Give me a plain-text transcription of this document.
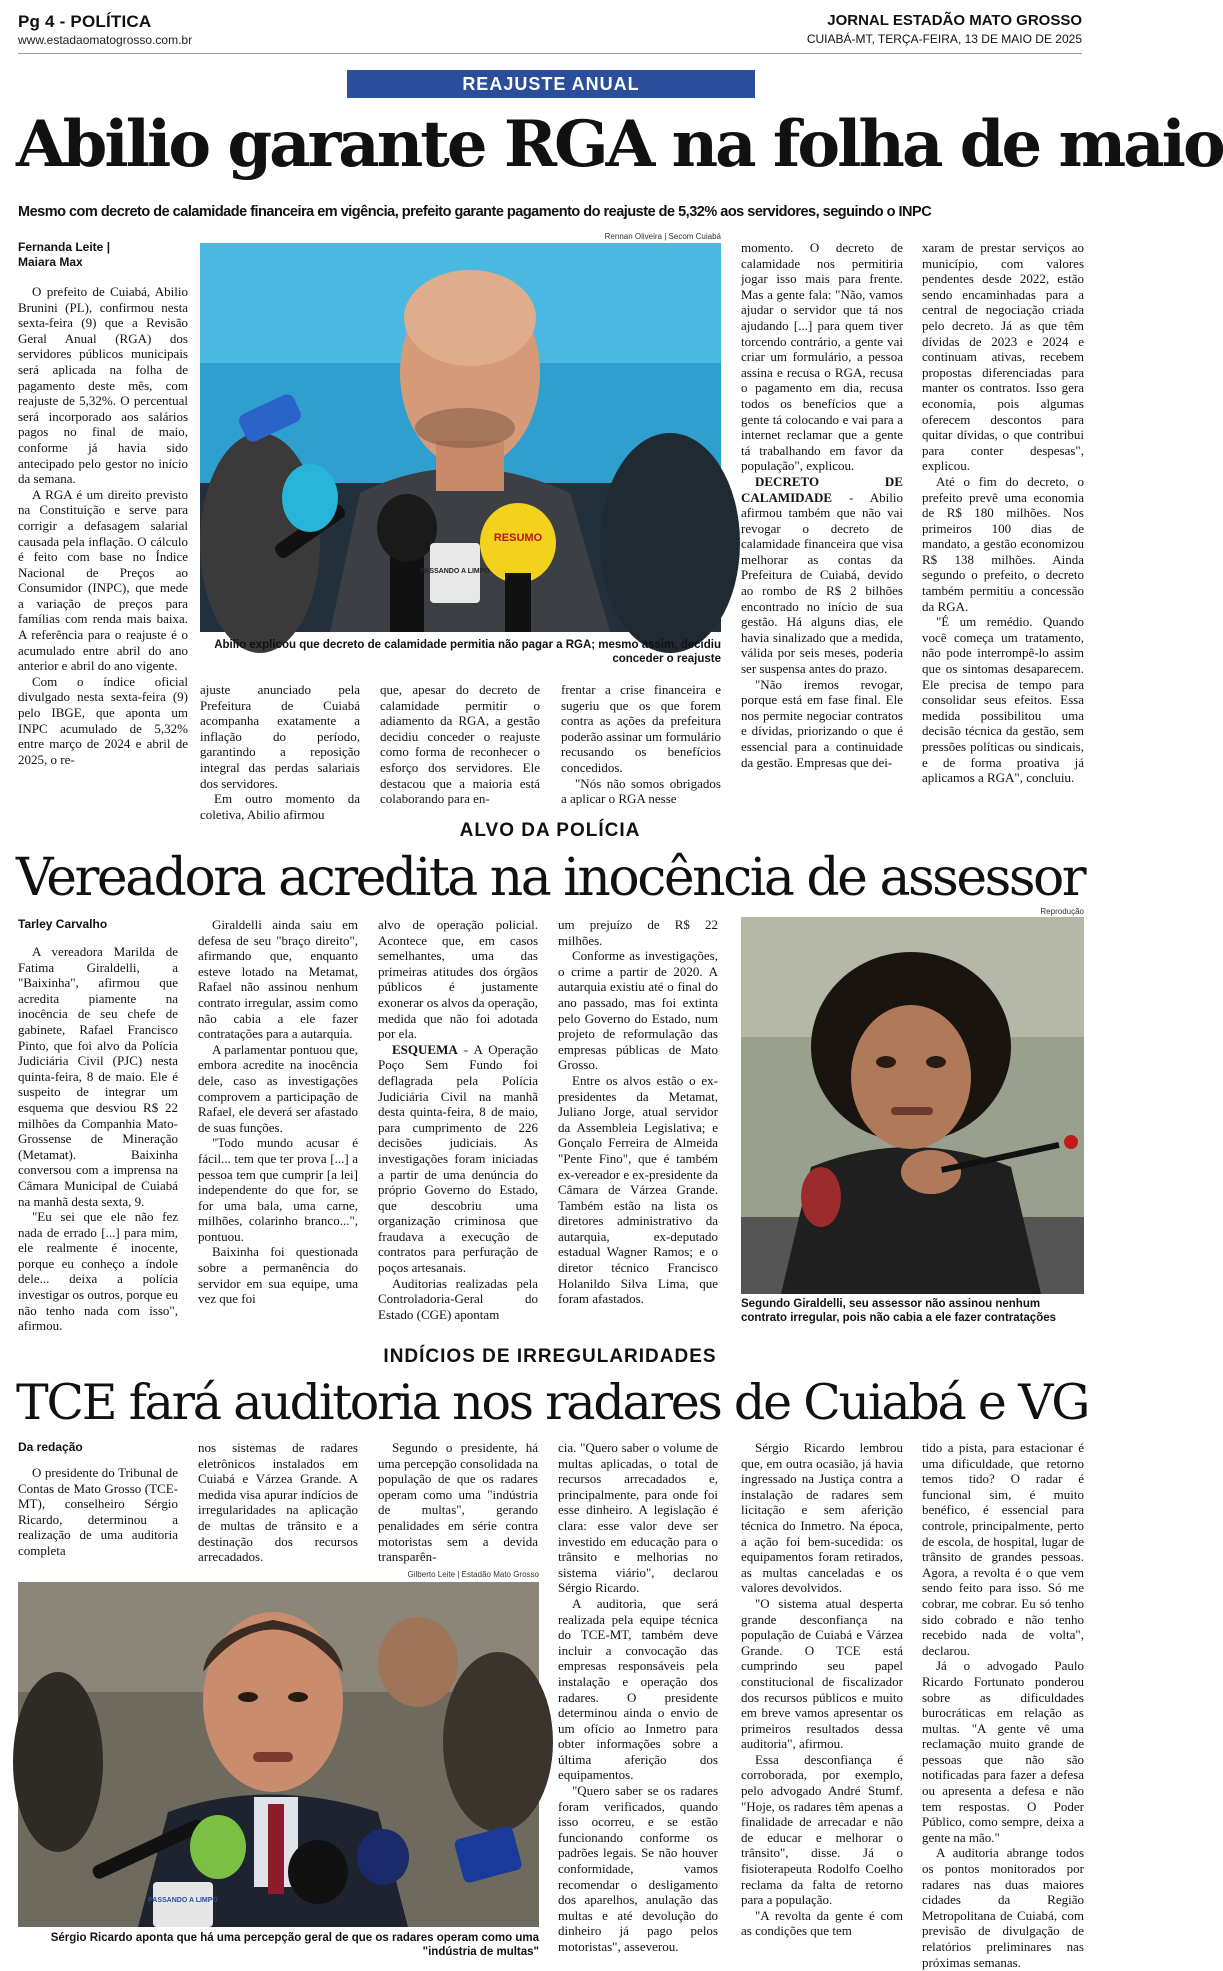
Pg 4 - POLÍTICA
www.estadaomatogrosso.com.br
JORNAL ESTADÃO MATO GROSSO
CUIABÁ-MT, TERÇA-FEIRA, 13 DE MAIO DE 2025
REAJUSTE ANUAL
Abilio garante RGA na folha de maio
Mesmo com decreto de calamidade financeira em vigência, prefeito garante pagamento do reajuste de 5,32% aos servidores, seguindo o INPC
Fernanda Leite |
Maiara Max

O prefeito de Cuiabá, Abilio Brunini (PL), confirmou nesta sexta-feira (9) que a Revisão Geral Anual (RGA) dos servidores públicos municipais será aplicada na folha de pagamento deste mês, com reajuste de 5,32%. O percentual será incorporado aos salários pagos no final de maio, conforme já havia sido antecipado pelo gestor no início da semana.

A RGA é um direito previsto na Constituição e serve para corrigir a defasagem salarial causada pela inflação. O cálculo é feito com base no Índice Nacional de Preços ao Consumidor (INPC), que mede a variação de preços para famílias com renda mais baixa. A referência para o reajuste é o acumulado entre abril do ano anterior e abril do ano vigente.

Com o índice oficial divulgado nesta sexta-feira (9) pelo IBGE, que aponta um INPC acumulado de 5,32% entre março de 2024 e abril de 2025, o re-

Rennan Oliveira | Secom Cuiabá
RESUMO
PASSANDO A LIMPO
Abilio explicou que decreto de calamidade permitia não pagar a RGA; mesmo assim, decidiu conceder o reajuste

ajuste anunciado pela Prefeitura de Cuiabá acompanha exatamente a inflação do período, garantindo a reposição integral das perdas salariais dos servidores.

Em outro momento da coletiva, Abilio afirmou

que, apesar do decreto de calamidade permitir o adiamento da RGA, a gestão decidiu conceder o reajuste como forma de reconhecer o esforço dos servidores. Ele destacou que a maioria está colaborando para en-

frentar a crise financeira e sugeriu que os que forem contra as ações da prefeitura poderão assinar um formulário recusando os benefícios concedidos.

"Nós não somos obrigados a aplicar o RGA nesse

momento. O decreto de calamidade nos permitiria jogar isso mais para frente. Mas a gente fala: "Não, vamos ajudar o servidor que tá nos ajudando [...] para quem tiver torcendo contrário, a gente vai criar um formulário, a pessoa assina e recusa o RGA, recusa o pagamento em dia, recusa todos os benefícios que a gente tá colocando e vai para a internet reclamar que a gente tá trabalhando em favor da população", explicou.

DECRETO DE CALAMIDADE - Abilio afirmou também que não vai revogar o decreto de calamidade financeira que visa melhorar as contas da Prefeitura de Cuiabá, devido ao rombo de R$ 2 bilhões encontrado no início de sua gestão. Há alguns dias, ele havia sinalizado que a medida, válida por seis meses, poderia ser suspensa antes do prazo.

"Não iremos revogar, porque está em fase final. Ele nos permite negociar contratos e dívidas, priorizando o que é essencial para a continuidade da gestão. Empresas que dei-

xaram de prestar serviços ao município, com valores pendentes desde 2022, estão sendo encaminhadas para a central de negociação criada pelo decreto. Já as que têm dívidas de 2023 e 2024 e continuam ativas, recebem propostas diferenciadas para manter os contratos. Isso gera economia, pois algumas oferecem descontos para quitar dívidas, o que contribui para conter despesas", explicou.

Até o fim do decreto, o prefeito prevê uma economia de R$ 180 milhões. Nos primeiros 100 dias de mandato, a gestão economizou R$ 138 milhões. Ainda segundo o prefeito, o decreto também permitiu a concessão da RGA.

"É um remédio. Quando você começa um tratamento, não pode interrompê-lo assim que os sintomas desaparecem. Ele precisa de tempo para consolidar seus efeitos. Essa medida possibilitou uma decisão técnica da gestão, sem pressões políticas ou sindicais, e de forma proativa já aplicamos a RGA", concluiu.

ALVO DA POLÍCIA
Vereadora acredita na inocência de assessor
Tarley Carvalho

A vereadora Marilda de Fatima Giraldelli, a "Baixinha", afirmou que acredita piamente na inocência de seu chefe de gabinete, Rafael Francisco Pinto, que foi alvo da Polícia Judiciária Civil (PJC) nesta quinta-feira, 8 de maio. Ele é suspeito de integrar um esquema que desviou R$ 22 milhões da Companhia Mato-Grossense de Mineração (Metamat). Baixinha conversou com a imprensa na Câmara Municipal de Cuiabá na manhã desta sexta, 9.

"Eu sei que ele não fez nada de errado [...] para mim, ele realmente é inocente, porque eu conheço a índole dele... deixa a polícia investigar os outros, porque eu não tenho nada com isso", afirmou.

Giraldelli ainda saiu em defesa de seu "braço direito", afirmando que, enquanto esteve lotado na Metamat, Rafael não assinou nenhum contrato irregular, assim como não cabia a ele fazer contratações para a autarquia.

A parlamentar pontuou que, embora acredite na inocência dele, caso as investigações comprovem a participação de Rafael, ele deverá ser afastado de suas funções.

"Todo mundo acusar é fácil... tem que ter prova [...] a pessoa tem que cumprir [a lei] independente do que for, se for uma bala, uma carne, milhões, colarinho branco...", pontuou.

Baixinha foi questionada sobre a permanência do servidor em sua equipe, uma vez que foi

alvo de operação policial. Acontece que, em casos semelhantes, uma das primeiras atitudes dos órgãos públicos é justamente exonerar os alvos da operação, medida que não foi adotada por ela.

ESQUEMA - A Operação Poço Sem Fundo foi deflagrada pela Polícia Judiciária Civil na manhã desta quinta-feira, 8 de maio, para cumprimento de 226 decisões judiciais. As investigações foram iniciadas a partir de uma denúncia do próprio Governo do Estado, que descobriu uma organização criminosa que fraudava a execução de contratos para perfuração de poços artesanais.

Auditorias realizadas pela Controladoria-Geral do Estado (CGE) apontam

um prejuízo de R$ 22 milhões.

Conforme as investigações, o crime a partir de 2020. A autarquia existiu até o final do ano passado, mas foi extinta pelo Governo do Estado, num projeto de reformulação das empresas públicas de Mato Grosso.

Entre os alvos estão o ex-presidentes da Metamat, Juliano Jorge, atual servidor da Assembleia Legislativa; e Gonçalo Ferreira de Almeida "Pente Fino", que é também ex-vereador e ex-presidente da Câmara de Várzea Grande. Também estão na lista os diretores administrativo da autarquia, ex-deputado estadual Wagner Ramos; e o diretor técnico Francisco Holanildo Silva Lima, que foram afastados.

Reprodução
Segundo Giraldelli, seu assessor não assinou nenhum contrato irregular, pois não cabia a ele fazer contratações
INDÍCIOS DE IRREGULARIDADES
TCE fará auditoria nos radares de Cuiabá e VG
Da redação

O presidente do Tribunal de Contas de Mato Grosso (TCE-MT), conselheiro Sérgio Ricardo, determinou a realização de uma auditoria completa

nos sistemas de radares eletrônicos instalados em Cuiabá e Várzea Grande. A medida visa apurar indícios de irregularidades na aplicação de multas de trânsito e a destinação dos recursos arrecadados.

Segundo o presidente, há uma percepção consolidada na população de que os radares operam como uma "indústria de multas", gerando penalidades em série contra motoristas sem a devida transparên-

Gilberto Leite | Estadão Mato Grosso
PASSANDO A LIMPO
Sérgio Ricardo aponta que há uma percepção geral de que os radares operam como uma "indústria de multas"

cia. "Quero saber o volume de multas aplicadas, o total de recursos arrecadados e, principalmente, para onde foi esse dinheiro. A legislação é clara: esse valor deve ser investido em educação para o trânsito e melhorias no sistema viário", declarou Sérgio Ricardo.

A auditoria, que será realizada pela equipe técnica do TCE-MT, também deve incluir a convocação das empresas responsáveis pela instalação e operação dos radares. O presidente determinou ainda o envio de um ofício ao Inmetro para obter informações sobre a última aferição dos equipamentos.

"Quero saber se os radares foram verificados, quando isso ocorreu, e se estão funcionando conforme os padrões legais. Se não houver conformidade, vamos recomendar o desligamento dos aparelhos, anulação das multas e até devolução do dinheiro já pago pelos motoristas", asseverou.

Sérgio Ricardo lembrou que, em outra ocasião, já havia ingressado na Justiça contra a instalação de radares sem licitação e sem aferição técnica do Inmetro. Na época, a ação foi bem-sucedida: os equipamentos foram retirados, as multas canceladas e os valores devolvidos.

"O sistema atual desperta grande desconfiança na população de Cuiabá e Várzea Grande. O TCE está cumprindo seu papel constitucional de fiscalizador dos recursos públicos e muito em breve vamos apresentar os primeiros resultados dessa auditoria", afirmou.

Essa desconfiança é corroborada, por exemplo, pelo advogado André Stumf. "Hoje, os radares têm apenas a finalidade de arrecadar e não de educar e melhorar o trânsito", disse. Já o fisioterapeuta Rodolfo Coelho reclama da falta de retorno para a população.

"A revolta da gente é com as condições que tem

tido a pista, para estacionar é uma dificuldade, que retorno temos tido? O radar é funcional sim, é muito benéfico, é essencial para controle, principalmente, perto de escola, de hospital, lugar de trânsito de grandes pessoas. Agora, a revolta é o que vem sendo feito para isso. Só me cobrar, me cobrar. Eu só tenho sido cobrado e não tenho recebido nada de volta", declarou.

Já o advogado Paulo Ricardo Fortunato ponderou sobre as dificuldades burocráticas em relação as multas. "A gente vê uma reclamação muito grande de pessoas que não são notificadas para fazer a defesa ou apresenta a defesa e não tem respostas. O Poder Público, como sempre, deixa a gente na mão."

A auditoria abrange todos os pontos monitorados por radares nas duas maiores cidades da Região Metropolitana de Cuiabá, com previsão de divulgação de relatórios preliminares nas próximas semanas.
